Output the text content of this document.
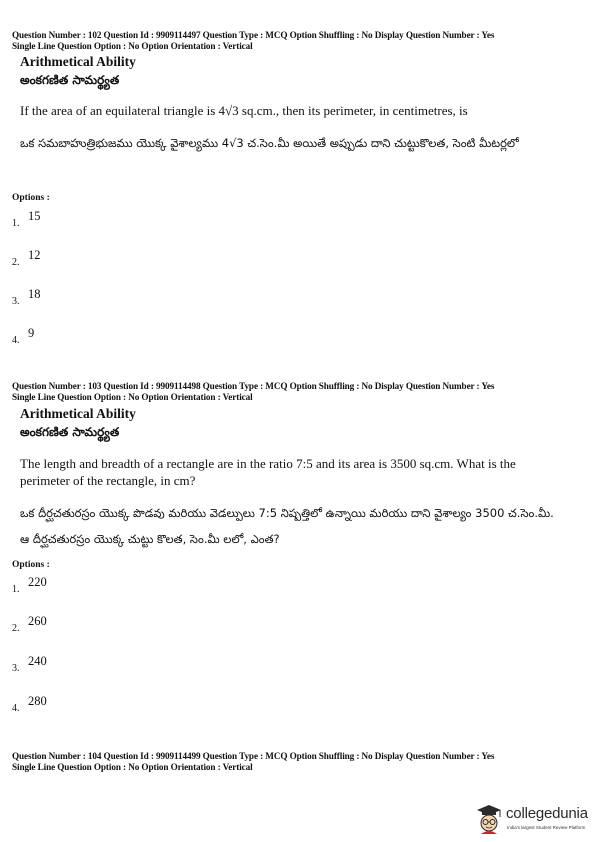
Question Number : 102 Question Id : 9909114497 Question Type : MCQ Option Shuffling : No Display Question Number : Yes
Single Line Question Option : No Option Orientation : Vertical
Arithmetical Ability
అంకగణిత సామర్థ్యత
If the area of an equilateral triangle is 4√3 sq.cm., then its perimeter, in centimetres, is
ఒక సమబాహుత్రిభుజము యొక్క వైశాల్యము 4√3 చ.సెం.మీ అయితే అప్పుడు దాని చుట్టుకొలత, సెంటి మీటర్లలో
Options :
1.
15
2.
12
3.
18
4.
9
Question Number : 103 Question Id : 9909114498 Question Type : MCQ Option Shuffling : No Display Question Number : Yes
Single Line Question Option : No Option Orientation : Vertical
Arithmetical Ability
అంకగణిత సామర్థ్యత
The length and breadth of a rectangle are in the ratio 7:5 and its area is 3500 sq.cm. What is the perimeter of the rectangle, in cm?
ఒక దీర్ఘచతురస్రం యొక్క పొడవు మరియు వెడల్పులు 7:5 నిష్పత్తిలో ఉన్నాయి మరియు దాని వైశాల్యం 3500 చ.సెం.మీ. ఆ దీర్ఘచతురస్రం యొక్క చుట్టు కొలత, సెం.మీ లలో, ఎంత?
Options :
1.
220
2.
260
3.
240
4.
280
Question Number : 104 Question Id : 9909114499 Question Type : MCQ Option Shuffling : No Display Question Number : Yes
Single Line Question Option : No Option Orientation : Vertical
collegedunia
India's largest Student Review Platform
